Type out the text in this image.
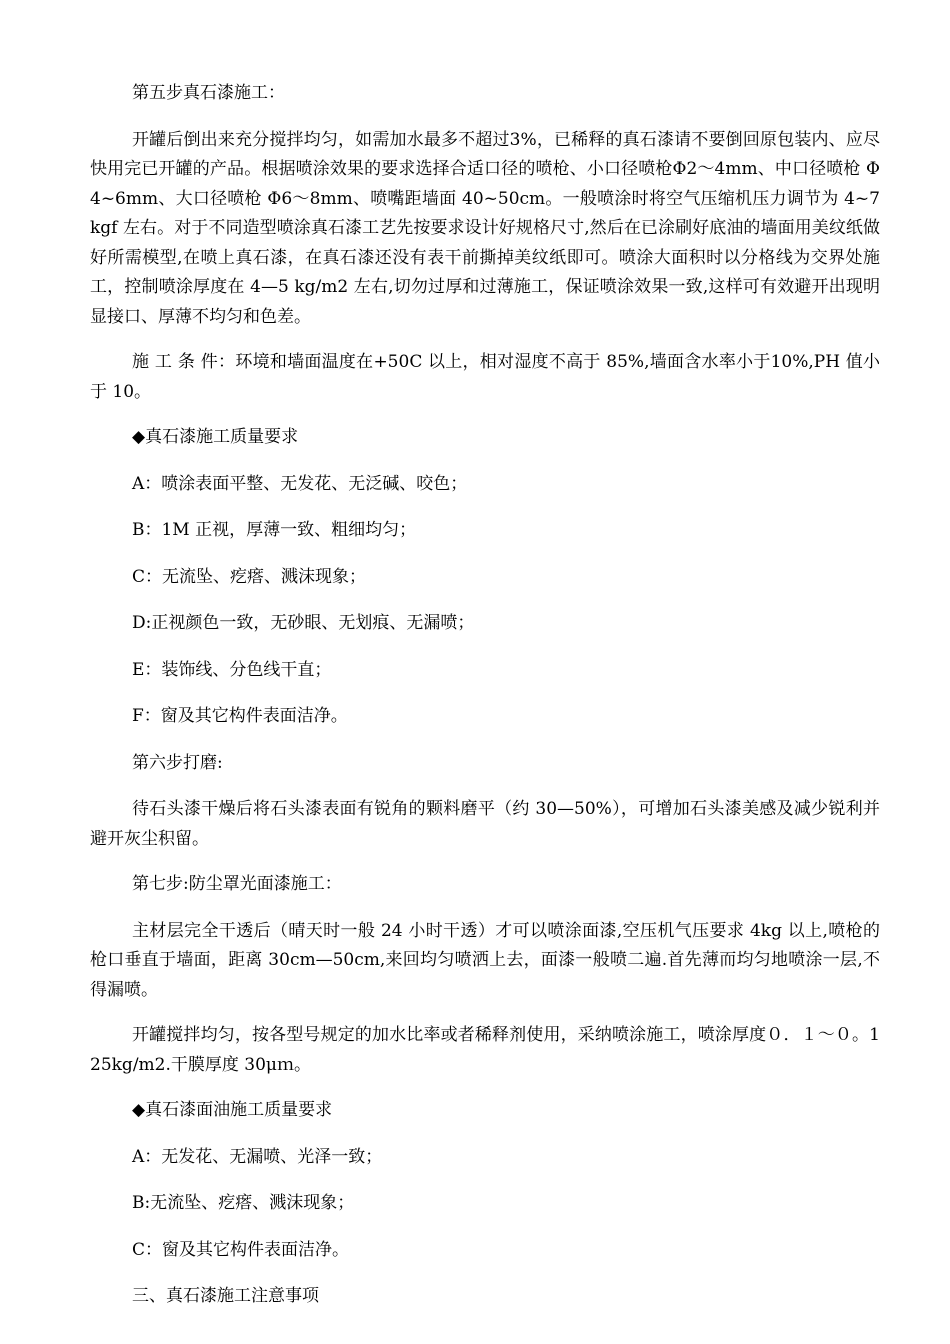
第五步真石漆施工：

开罐后倒出来充分搅拌均匀，如需加水最多不超过3%，已稀释的真石漆请不要倒回原包装内、应尽快用完已开罐的产品。根据喷涂效果的要求选择合适口径的喷枪、小口径喷枪Φ2～4mm、中口径喷枪 Φ4~6mm、大口径喷枪 Φ6～8mm、喷嘴距墙面 40~50cm。一般喷涂时将空气压缩机压力调节为 4~7kgf 左右。对于不同造型喷涂真石漆工艺先按要求设计好规格尺寸,然后在已涂刷好底油的墙面用美纹纸做好所需模型,在喷上真石漆，在真石漆还没有表干前撕掉美纹纸即可。喷涂大面积时以分格线为交界处施工，控制喷涂厚度在 4—5 kg/m2 左右,切勿过厚和过薄施工，保证喷涂效果一致,这样可有效避开出现明显接口、厚薄不均匀和色差。

施 工 条 件：环境和墙面温度在+50C 以上，相对湿度不高于 85%,墙面含水率小于10%,PH 值小于 10。

◆真石漆施工质量要求

A：喷涂表面平整、无发花、无泛碱、咬色；

B：1M 正视，厚薄一致、粗细均匀；

C：无流坠、疙瘩、溅沫现象；

D:正视颜色一致，无砂眼、无划痕、无漏喷；

E：装饰线、分色线干直；

F：窗及其它构件表面洁净。

第六步打磨:

待石头漆干燥后将石头漆表面有锐角的颗料磨平（约 30—50%），可增加石头漆美感及减少锐利并避开灰尘积留。

第七步:防尘罩光面漆施工：

主材层完全干透后（晴天时一般 24 小时干透）才可以喷涂面漆,空压机气压要求 4kg 以上,喷枪的枪口垂直于墙面，距离 30cm—50cm,来回均匀喷洒上去，面漆一般喷二遍.首先薄而均匀地喷涂一层,不得漏喷。

开罐搅拌均匀，按各型号规定的加水比率或者稀释剂使用，采纳喷涂施工，喷涂厚度０．１～０。125kg/m2.干膜厚度 30μｍ。

◆真石漆面油施工质量要求

A：无发花、无漏喷、光泽一致；

B:无流坠、疙瘩、溅沫现象；

C：窗及其它构件表面洁净。

三、真石漆施工注意事项
